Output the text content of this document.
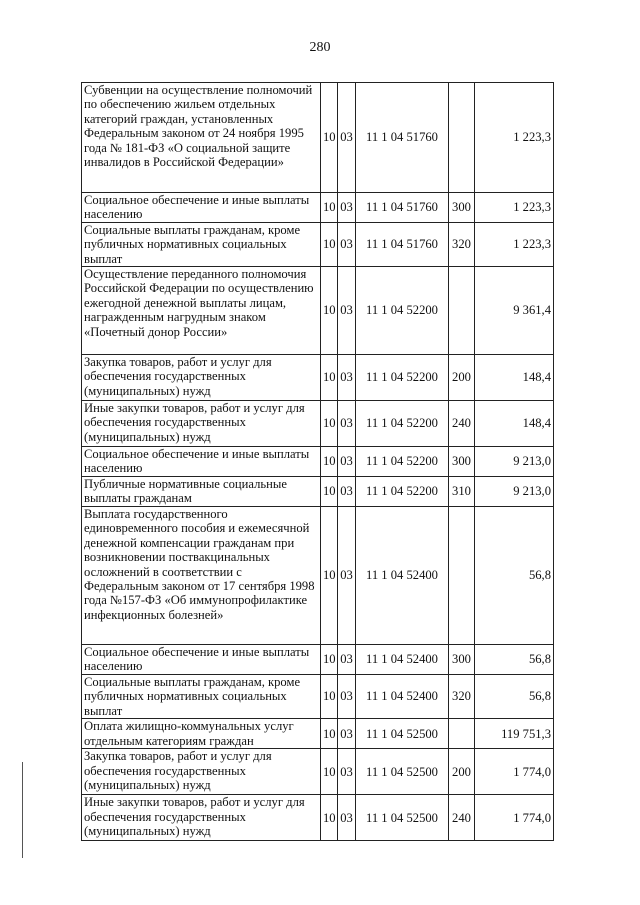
280
Субвенции на осуществление полномочий по обеспечению жильем отдельных категорий граждан, установленных Федеральным законом от 24 ноября 1995 года № 181-ФЗ «О социальной защите инвалидов в Российской Федерации»	10	03	11 1 04 51760		1 223,3
Социальное обеспечение и иные выплаты населению	10	03	11 1 04 51760	300	1 223,3
Социальные выплаты гражданам, кроме публичных нормативных социальных выплат	10	03	11 1 04 51760	320	1 223,3
Осуществление переданного полномочия Российской Федерации по осуществлению ежегодной денежной выплаты лицам, награжденным нагрудным знаком «Почетный донор России»	10	03	11 1 04 52200		9 361,4
Закупка товаров, работ и услуг для обеспечения государственных (муниципальных) нужд	10	03	11 1 04 52200	200	148,4
Иные закупки товаров, работ и услуг для обеспечения государственных (муниципальных) нужд	10	03	11 1 04 52200	240	148,4
Социальное обеспечение и иные выплаты населению	10	03	11 1 04 52200	300	9 213,0
Публичные нормативные социальные выплаты гражданам	10	03	11 1 04 52200	310	9 213,0
Выплата государственного единовременного пособия и ежемесячной денежной компенсации гражданам при возникновении поствакцинальных осложнений в соответствии с Федеральным законом от 17 сентября 1998 года №157-ФЗ «Об иммунопрофилактике инфекционных болезней»	10	03	11 1 04 52400		56,8
Социальное обеспечение и иные выплаты населению	10	03	11 1 04 52400	300	56,8
Социальные выплаты гражданам, кроме публичных нормативных социальных выплат	10	03	11 1 04 52400	320	56,8
Оплата жилищно-коммунальных услуг отдельным категориям граждан	10	03	11 1 04 52500		119 751,3
Закупка товаров, работ и услуг для обеспечения государственных (муниципальных) нужд	10	03	11 1 04 52500	200	1 774,0
Иные закупки товаров, работ и услуг для обеспечения государственных (муниципальных) нужд	10	03	11 1 04 52500	240	1 774,0
